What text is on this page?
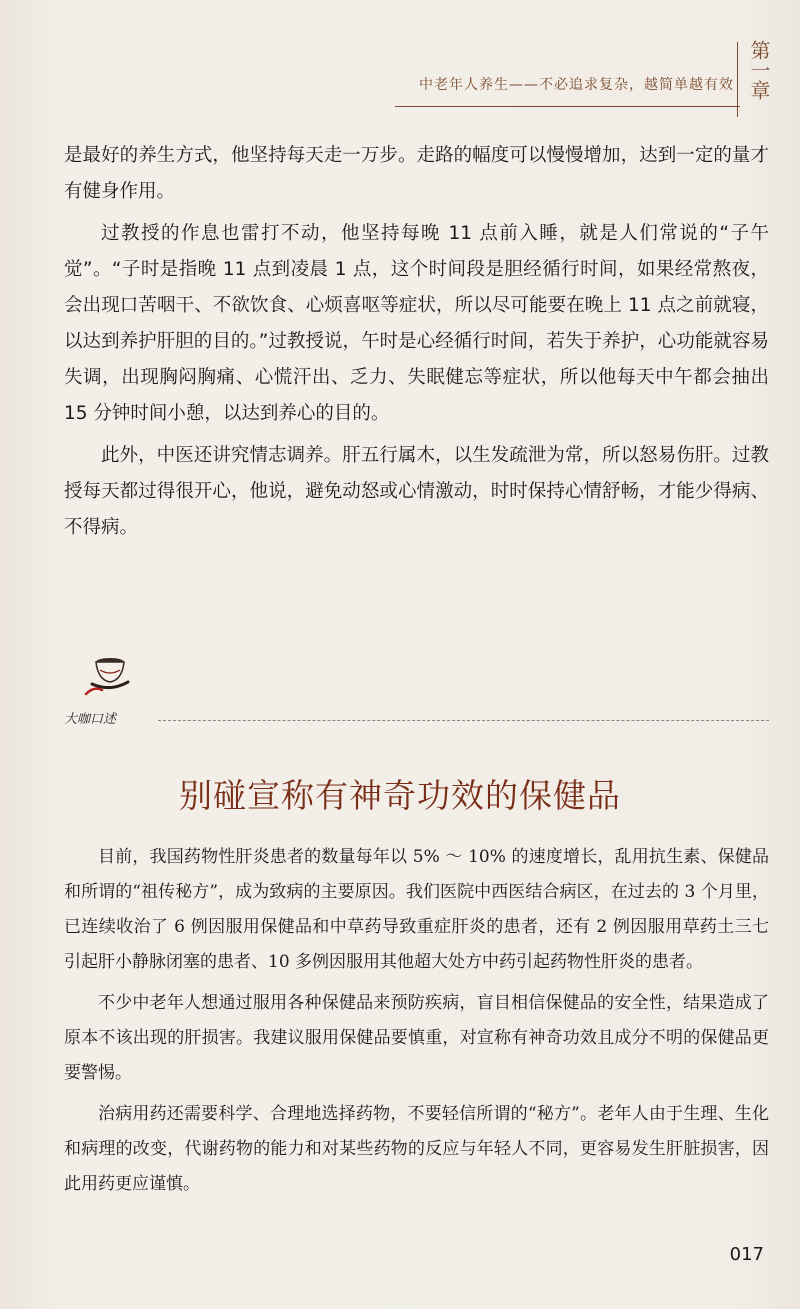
第一章
中老年人养生——不必追求复杂，越简单越有效

是最好的养生方式，他坚持每天走一万步。走路的幅度可以慢慢增加，达到一定的量才有健身作用。

过教授的作息也雷打不动，他坚持每晚 11 点前入睡，就是人们常说的“子午觉”。“子时是指晚 11 点到凌晨 1 点，这个时间段是胆经循行时间，如果经常熬夜，会出现口苦咽干、不欲饮食、心烦喜呕等症状，所以尽可能要在晚上 11 点之前就寝，以达到养护肝胆的目的。”过教授说，午时是心经循行时间，若失于养护，心功能就容易失调，出现胸闷胸痛、心慌汗出、乏力、失眠健忘等症状，所以他每天中午都会抽出 15 分钟时间小憩，以达到养心的目的。

此外，中医还讲究情志调养。肝五行属木，以生发疏泄为常，所以怒易伤肝。过教授每天都过得很开心，他说，避免动怒或心情激动，时时保持心情舒畅，才能少得病、不得病。

大咖口述
别碰宣称有神奇功效的保健品

目前，我国药物性肝炎患者的数量每年以 5% ～ 10% 的速度增长，乱用抗生素、保健品和所谓的“祖传秘方”，成为致病的主要原因。我们医院中西医结合病区，在过去的 3 个月里，已连续收治了 6 例因服用保健品和中草药导致重症肝炎的患者，还有 2 例因服用草药土三七引起肝小静脉闭塞的患者、10 多例因服用其他超大处方中药引起药物性肝炎的患者。

不少中老年人想通过服用各种保健品来预防疾病，盲目相信保健品的安全性，结果造成了原本不该出现的肝损害。我建议服用保健品要慎重，对宣称有神奇功效且成分不明的保健品更要警惕。

治病用药还需要科学、合理地选择药物，不要轻信所谓的“秘方”。老年人由于生理、生化和病理的改变，代谢药物的能力和对某些药物的反应与年轻人不同，更容易发生肝脏损害，因此用药更应谨慎。

017
